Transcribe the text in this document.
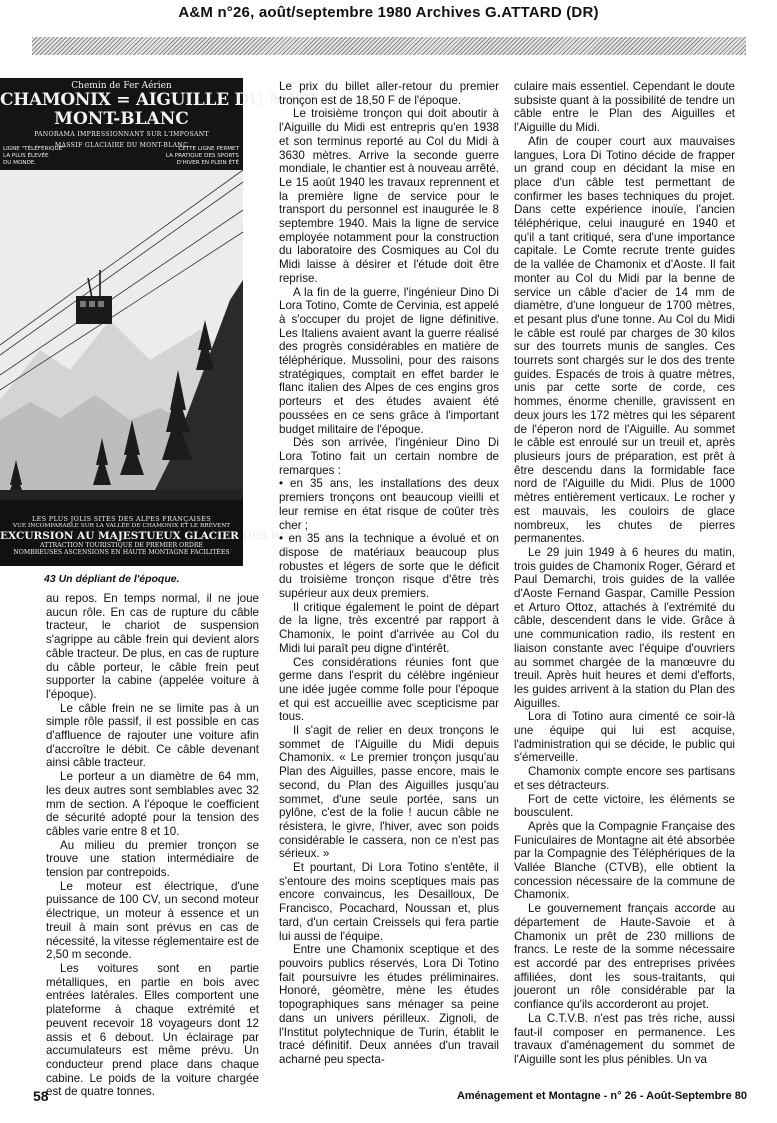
A&M n°26, août/septembre 1980 Archives G.ATTARD (DR)
Chemin de Fer Aérien
CHAMONIX = AIGUILLE DU MIDI
MONT-BLANC
PANORAMA IMPRESSIONNANT SUR L'IMPOSANT
MASSIF GLACIAIRE DU MONT-BLANC
LIGNE "TÉLÉFÉRIQUE"
LA PLUS ÉLEVÉE
DU MONDE.
CETTE LIGNE PERMET
LA PRATIQUE DES SPORTS
D'HIVER EN PLEIN ÉTÉ
LES PLUS JOLIS SITES DES ALPES FRANÇAISES
VUE INCOMPARABLE SUR LA VALLÉE DE CHAMONIX ET LE BRÉVENT
EXCURSION AU MAJESTUEUX GLACIER DES BOSSONS
ATTRACTION TOURISTIQUE DE PREMIER ORDRE
NOMBREUSES ASCENSIONS EN HAUTE MONTAGNE FACILITÉES
43 Un dépliant de l'époque.

au repos. En temps normal, il ne joue aucun rôle. En cas de rupture du câble tracteur, le chariot de suspension s'agrippe au câble frein qui devient alors câble tracteur. De plus, en cas de rupture du câble porteur, le câble frein peut supporter la cabine (appelée voiture à l'époque).

Le câble frein ne se limite pas à un simple rôle passif, il est possible en cas d'affluence de rajouter une voiture afin d'accroître le débit. Ce câble devenant ainsi câble tracteur.

Le porteur a un diamètre de 64 mm, les deux autres sont semblables avec 32 mm de section. A l'époque le coefficient de sécurité adopté pour la tension des câbles varie entre 8 et 10.

Au milieu du premier tronçon se trouve une station intermédiaire de tension par contrepoids.

Le moteur est électrique, d'une puissance de 100 CV, un second moteur électrique, un moteur à essence et un treuil à main sont prévus en cas de nécessité, la vitesse réglementaire est de 2,50 m seconde.

Les voitures sont en partie métalliques, en partie en bois avec entrées latérales. Elles comportent une plateforme à chaque extrémité et peuvent recevoir 18 voyageurs dont 12 assis et 6 debout. Un éclairage par accumulateurs est même prévu. Un conducteur prend place dans chaque cabine. Le poids de la voiture chargée est de quatre tonnes.

Le prix du billet aller-retour du premier tronçon est de 18,50 F de l'époque.

Le troisième tronçon qui doit aboutir à l'Aiguille du Midi est entrepris qu'en 1938 et son terminus reporté au Col du Midi à 3630 mètres. Arrive la seconde guerre mondiale, le chantier est à nouveau arrêté. Le 15 août 1940 les travaux reprennent et la première ligne de service pour le transport du personnel est inaugurée le 8 septembre 1940. Mais la ligne de service employée notamment pour la construction du laboratoire des Cosmiques au Col du Midi laisse à désirer et l'étude doit être reprise.

A la fin de la guerre, l'ingénieur Dino Di Lora Totino, Comte de Cervinia, est appelé à s'occuper du projet de ligne définitive. Les Italiens avaient avant la guerre réalisé des progrès considérables en matière de téléphérique. Mussolini, pour des raisons stratégiques, comptait en effet barder le flanc italien des Alpes de ces engins gros porteurs et des études avaient été poussées en ce sens grâce à l'important budget militaire de l'époque.

Dès son arrivée, l'ingénieur Dino Di Lora Totino fait un certain nombre de remarques :

• en 35 ans, les installations des deux premiers tronçons ont beaucoup vieilli et leur remise en état risque de coûter très cher ;

• en 35 ans la technique a évolué et on dispose de matériaux beaucoup plus robustes et légers de sorte que le déficit du troisième tronçon risque d'être très supérieur aux deux premiers.

Il critique également le point de départ de la ligne, très excentré par rapport à Chamonix, le point d'arrivée au Col du Midi lui paraît peu digne d'intérêt.

Ces considérations réunies font que germe dans l'esprit du célèbre ingénieur une idée jugée comme folle pour l'époque et qui est accueillie avec scepticisme par tous.

Il s'agit de relier en deux tronçons le sommet de l'Aiguille du Midi depuis Chamonix. « Le premier tronçon jusqu'au Plan des Aiguilles, passe encore, mais le second, du Plan des Aiguilles jusqu'au sommet, d'une seule portée, sans un pylône, c'est de la folie ! aucun câble ne résistera, le givre, l'hiver, avec son poids considérable le cassera, non ce n'est pas sérieux. »

Et pourtant, Di Lora Totino s'entête, il s'entoure des moins sceptiques mais pas encore convaincus, les Desailloux, De Francisco, Pocachard, Noussan et, plus tard, d'un certain Creissels qui fera partie lui aussi de l'équipe.

Entre une Chamonix sceptique et des pouvoirs publics réservés, Lora Di Totino fait poursuivre les études préliminaires. Honoré, géomètre, mène les études topographiques sans ménager sa peine dans un univers périlleux. Zignoli, de l'Institut polytechnique de Turin, établit le tracé définitif. Deux années d'un travail acharné peu specta-

culaire mais essentiel. Cependant le doute subsiste quant à la possibilité de tendre un câble entre le Plan des Aiguilles et l'Aiguille du Midi.

Afin de couper court aux mauvaises langues, Lora Di Totino décide de frapper un grand coup en décidant la mise en place d'un câble test permettant de confirmer les bases techniques du projet. Dans cette expérience inouïe, l'ancien téléphérique, celui inauguré en 1940 et qu'il a tant critiqué, sera d'une importance capitale. Le Comte recrute trente guides de la vallée de Chamonix et d'Aoste. Il fait monter au Col du Midi par la benne de service un câble d'acier de 14 mm de diamètre, d'une longueur de 1700 mètres, et pesant plus d'une tonne. Au Col du Midi le câble est roulé par charges de 30 kilos sur des tourrets munis de sangles. Ces tourrets sont chargés sur le dos des trente guides. Espacés de trois à quatre mètres, unis par cette sorte de corde, ces hommes, énorme chenille, gravissent en deux jours les 172 mètres qui les séparent de l'éperon nord de l'Aiguille. Au sommet le câble est enroulé sur un treuil et, après plusieurs jours de préparation, est prêt à être descendu dans la formidable face nord de l'Aiguille du Midi. Plus de 1000 mètres entièrement verticaux. Le rocher y est mauvais, les couloirs de glace nombreux, les chutes de pierres permanentes.

Le 29 juin 1949 à 6 heures du matin, trois guides de Chamonix Roger, Gérard et Paul Demarchi, trois guides de la vallée d'Aoste Fernand Gaspar, Camille Pession et Arturo Ottoz, attachés à l'extrémité du câble, descendent dans le vide. Grâce à une communication radio, ils restent en liaison constante avec l'équipe d'ouvriers au sommet chargée de la manœuvre du treuil. Après huit heures et demi d'efforts, les guides arrivent à la station du Plan des Aiguilles.

Lora di Totino aura cimenté ce soir-là une équipe qui lui est acquise, l'administration qui se décide, le public qui s'émerveille.

Chamonix compte encore ses partisans et ses détracteurs.

Fort de cette victoire, les éléments se bousculent.

Après que la Compagnie Française des Funiculaires de Montagne ait été absorbée par la Compagnie des Téléphériques de la Vallée Blanche (CTVB), elle obtient la concession nécessaire de la commune de Chamonix.

Le gouvernement français accorde au département de Haute-Savoie et à Chamonix un prêt de 230 millions de francs. Le reste de la somme nécessaire est accordé par des entreprises privées affiliées, dont les sous-traitants, qui joueront un rôle considérable par la confiance qu'ils accorderont au projet.

La C.T.V.B. n'est pas très riche, aussi faut-il composer en permanence. Les travaux d'aménagement du sommet de l'Aiguille sont les plus pénibles. Un va

58	Aménagement et Montagne - n° 26 - Août-Septembre 80
